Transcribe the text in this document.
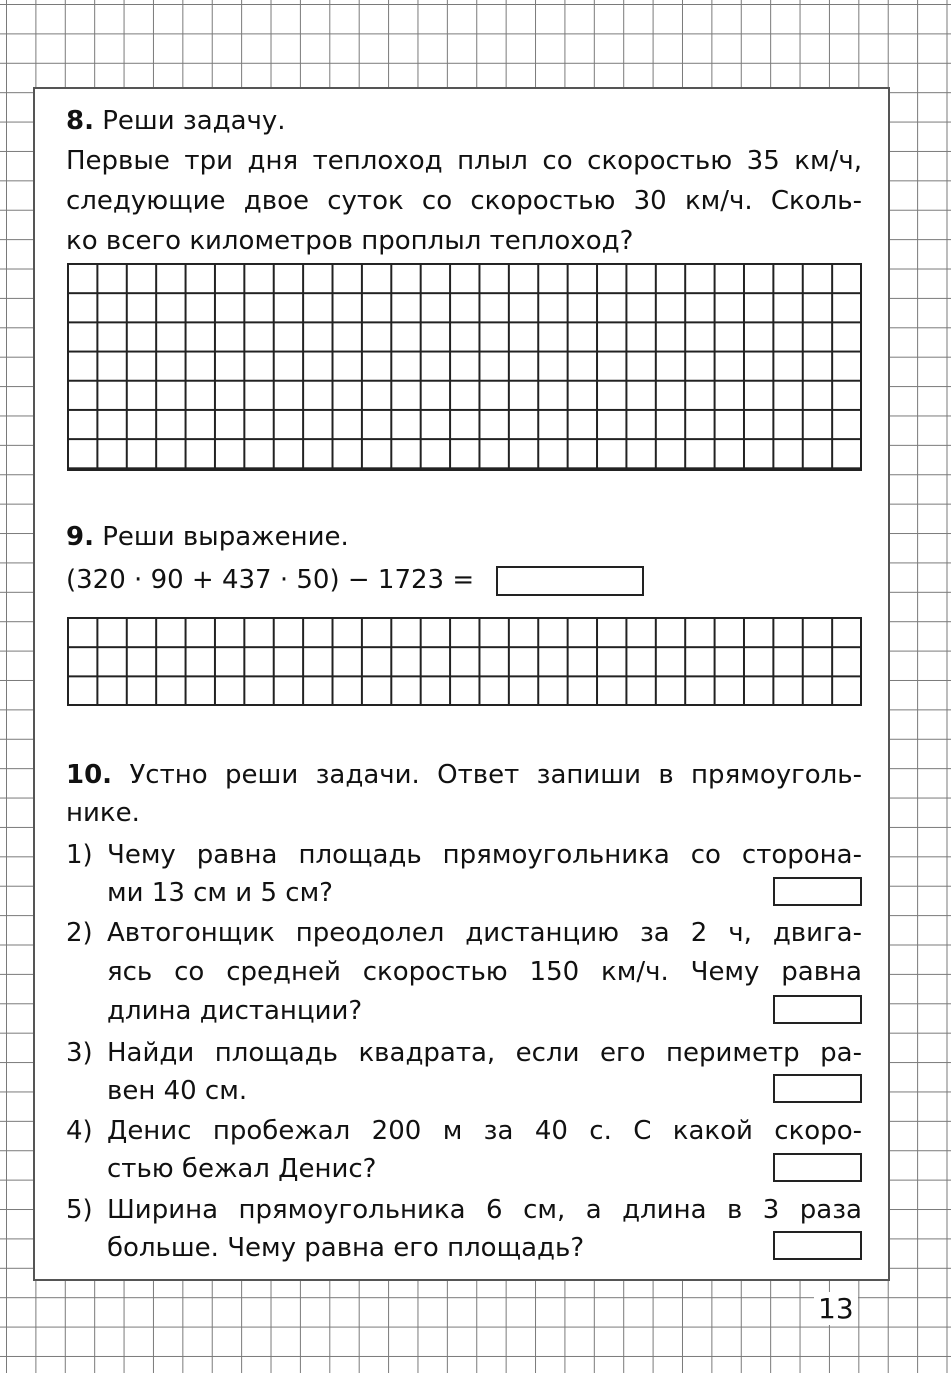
8. Реши задачу.
Первые три дня теплоход плыл со скоростью 35 км/ч,
следующие двое суток со скоростью 30 км/ч. Сколь-
ко всего километров проплыл теплоход?
9. Реши выражение.
(320 · 90 + 437 · 50) − 1723 =
10. Устно реши задачи. Ответ запиши в прямоуголь-
нике.
1) Чему равна площадь прямоугольника со сторона-
ми 13 см и 5 см?
2) Автогонщик преодолел дистанцию за 2 ч, двига-
ясь со средней скоростью 150 км/ч. Чему равна
длина дистанции?
3) Найди площадь квадрата, если его периметр ра-
вен 40 см.
4) Денис пробежал 200 м за 40 с. С какой скоро-
стью бежал Денис?
5) Ширина прямоугольника 6 см, а длина в 3 раза
больше. Чему равна его площадь?
13
